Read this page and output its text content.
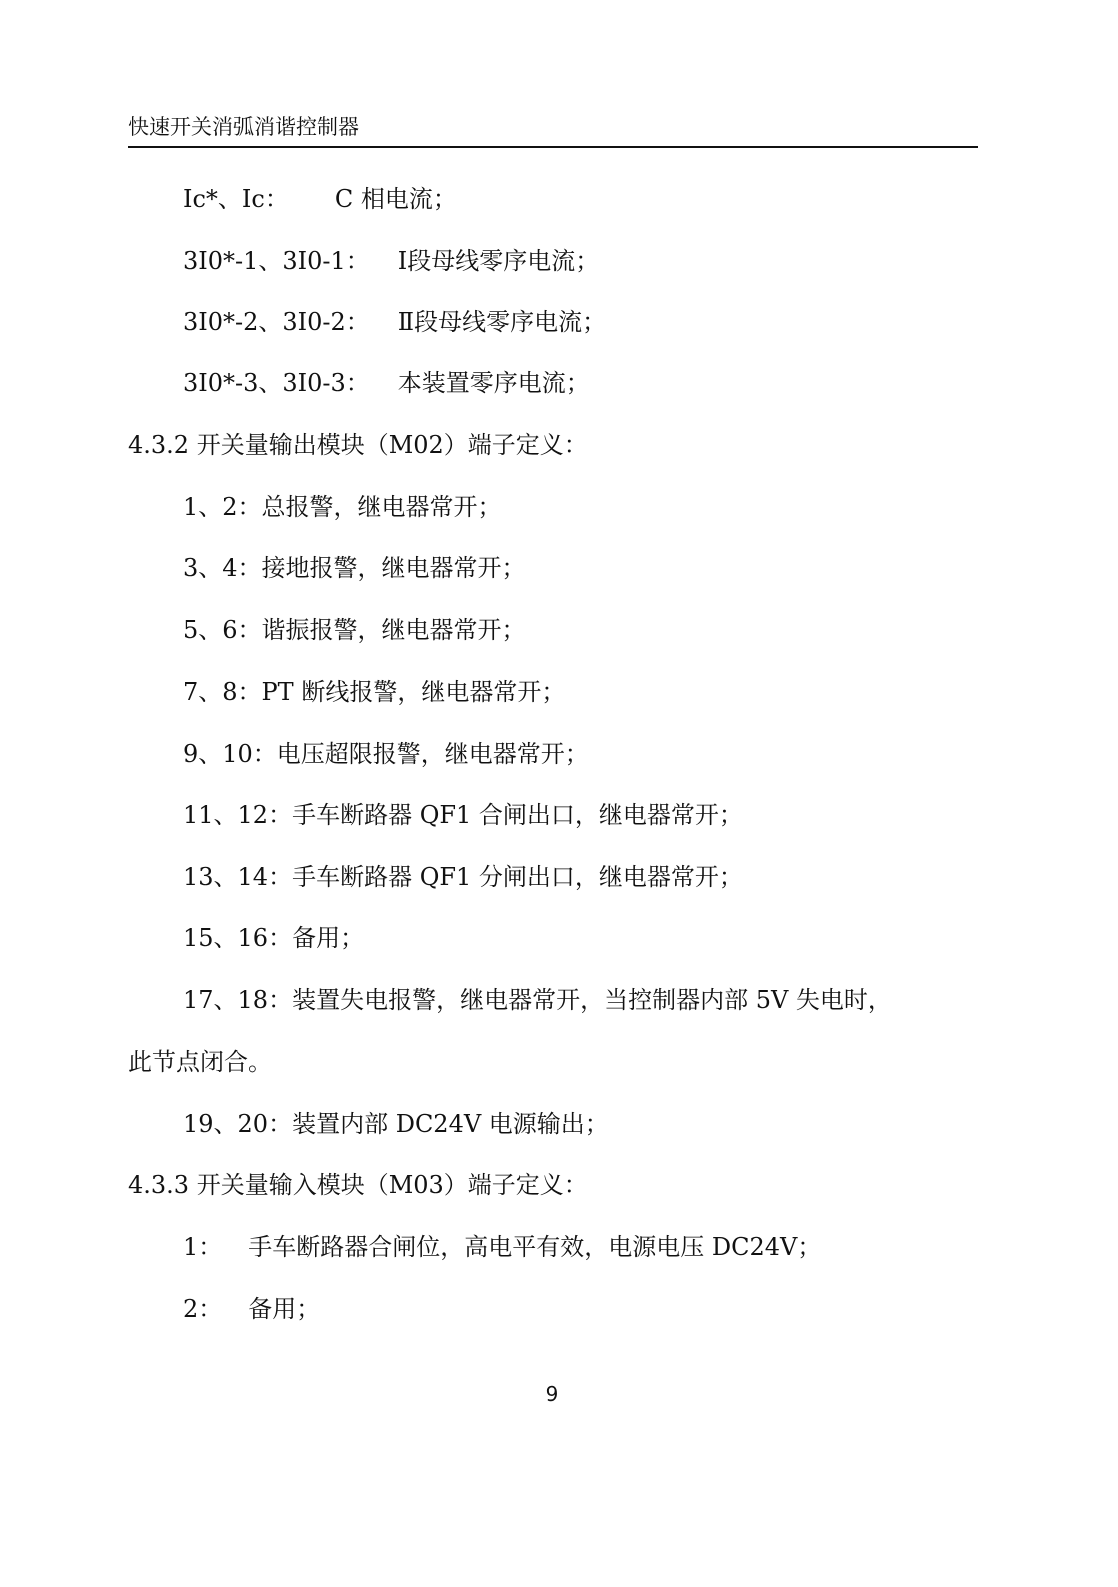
快速开关消弧消谐控制器
Ic*、Ic： C 相电流；
3I0*-1、3I0-1： Ⅰ段母线零序电流；
3I0*-2、3I0-2： Ⅱ段母线零序电流；
3I0*-3、3I0-3： 本装置零序电流；
4.3.2 开关量输出模块（M02）端子定义：
1、2：总报警，继电器常开；
3、4：接地报警，继电器常开；
5、6：谐振报警，继电器常开；
7、8：PT 断线报警，继电器常开；
9、10：电压超限报警，继电器常开；
11、12：手车断路器 QF1 合闸出口，继电器常开；
13、14：手车断路器 QF1 分闸出口，继电器常开；
15、16：备用；
17、18：装置失电报警，继电器常开，当控制器内部 5V 失电时，
此节点闭合。
19、20：装置内部 DC24V 电源输出；
4.3.3 开关量输入模块（M03）端子定义：
1： 手车断路器合闸位，高电平有效，电源电压 DC24V；
2： 备用；
9
